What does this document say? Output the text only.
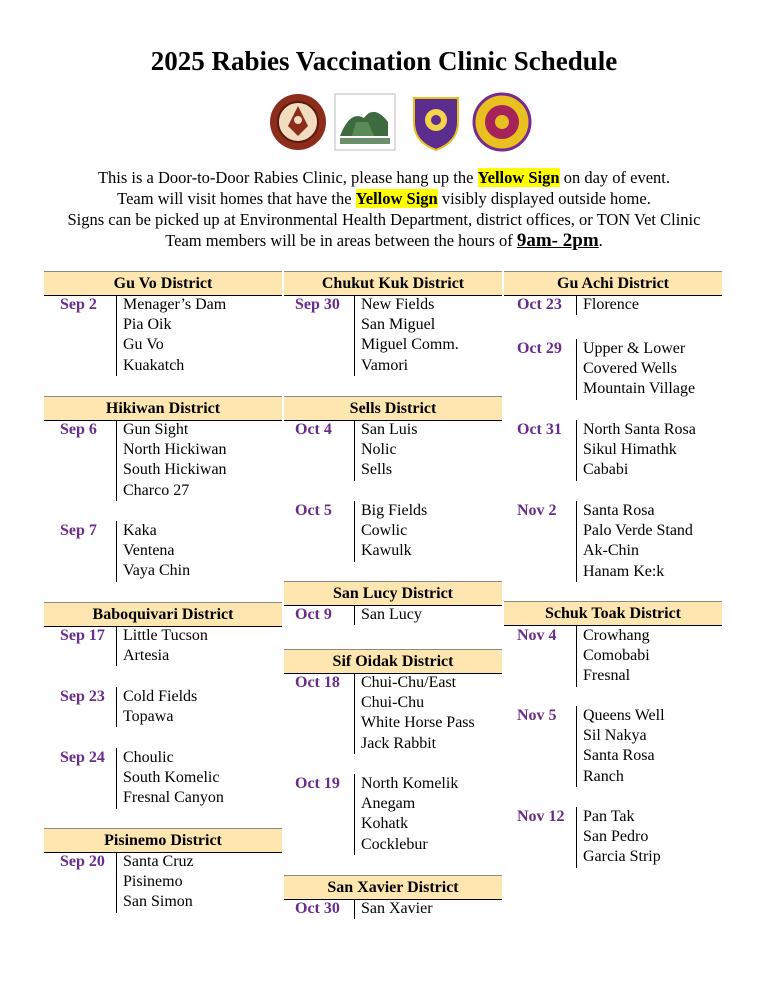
2025 Rabies Vaccination Clinic Schedule
This is a Door-to-Door Rabies Clinic, please hang up the Yellow Sign on day of event.
Team will visit homes that have the Yellow Sign visibly displayed outside home.
Signs can be picked up at Environmental Health Department, district offices, or TON Vet Clinic
Team members will be in areas between the hours of 9am- 2pm.
Gu Vo District
Sep 2 Menager’s Dam
Pia Oik
Gu Vo
Kuakatch
Hikiwan District
Sep 6 Gun Sight
North Hickiwan
South Hickiwan
Charco 27
Sep 7 Kaka
Ventena
Vaya Chin
Baboquivari District
Sep 17 Little Tucson
Artesia
Sep 23 Cold Fields
Topawa
Sep 24 Choulic
South Komelic
Fresnal Canyon
Pisinemo District
Sep 20 Santa Cruz
Pisinemo
San Simon
Chukut Kuk District
Sep 30 New Fields
San Miguel
Miguel Comm.
Vamori
Sells District
Oct 4 San Luis
Nolic
Sells
Oct 5 Big Fields
Cowlic
Kawulk
San Lucy District
Oct 9 San Lucy
Sif Oidak District
Oct 18 Chui-Chu/East
Chui-Chu
White Horse Pass
Jack Rabbit
Oct 19 North Komelik
Anegam
Kohatk
Cocklebur
San Xavier District
Oct 30 San Xavier
Gu Achi District
Oct 23 Florence
Oct 29 Upper & Lower
Covered Wells
Mountain Village
Oct 31 North Santa Rosa
Sikul Himathk
Cababi
Nov 2 Santa Rosa
Palo Verde Stand
Ak-Chin
Hanam Ke:k
Schuk Toak District
Nov 4 Crowhang
Comobabi
Fresnal
Nov 5 Queens Well
Sil Nakya
Santa Rosa
Ranch
Nov 12 Pan Tak
San Pedro
Garcia Strip
